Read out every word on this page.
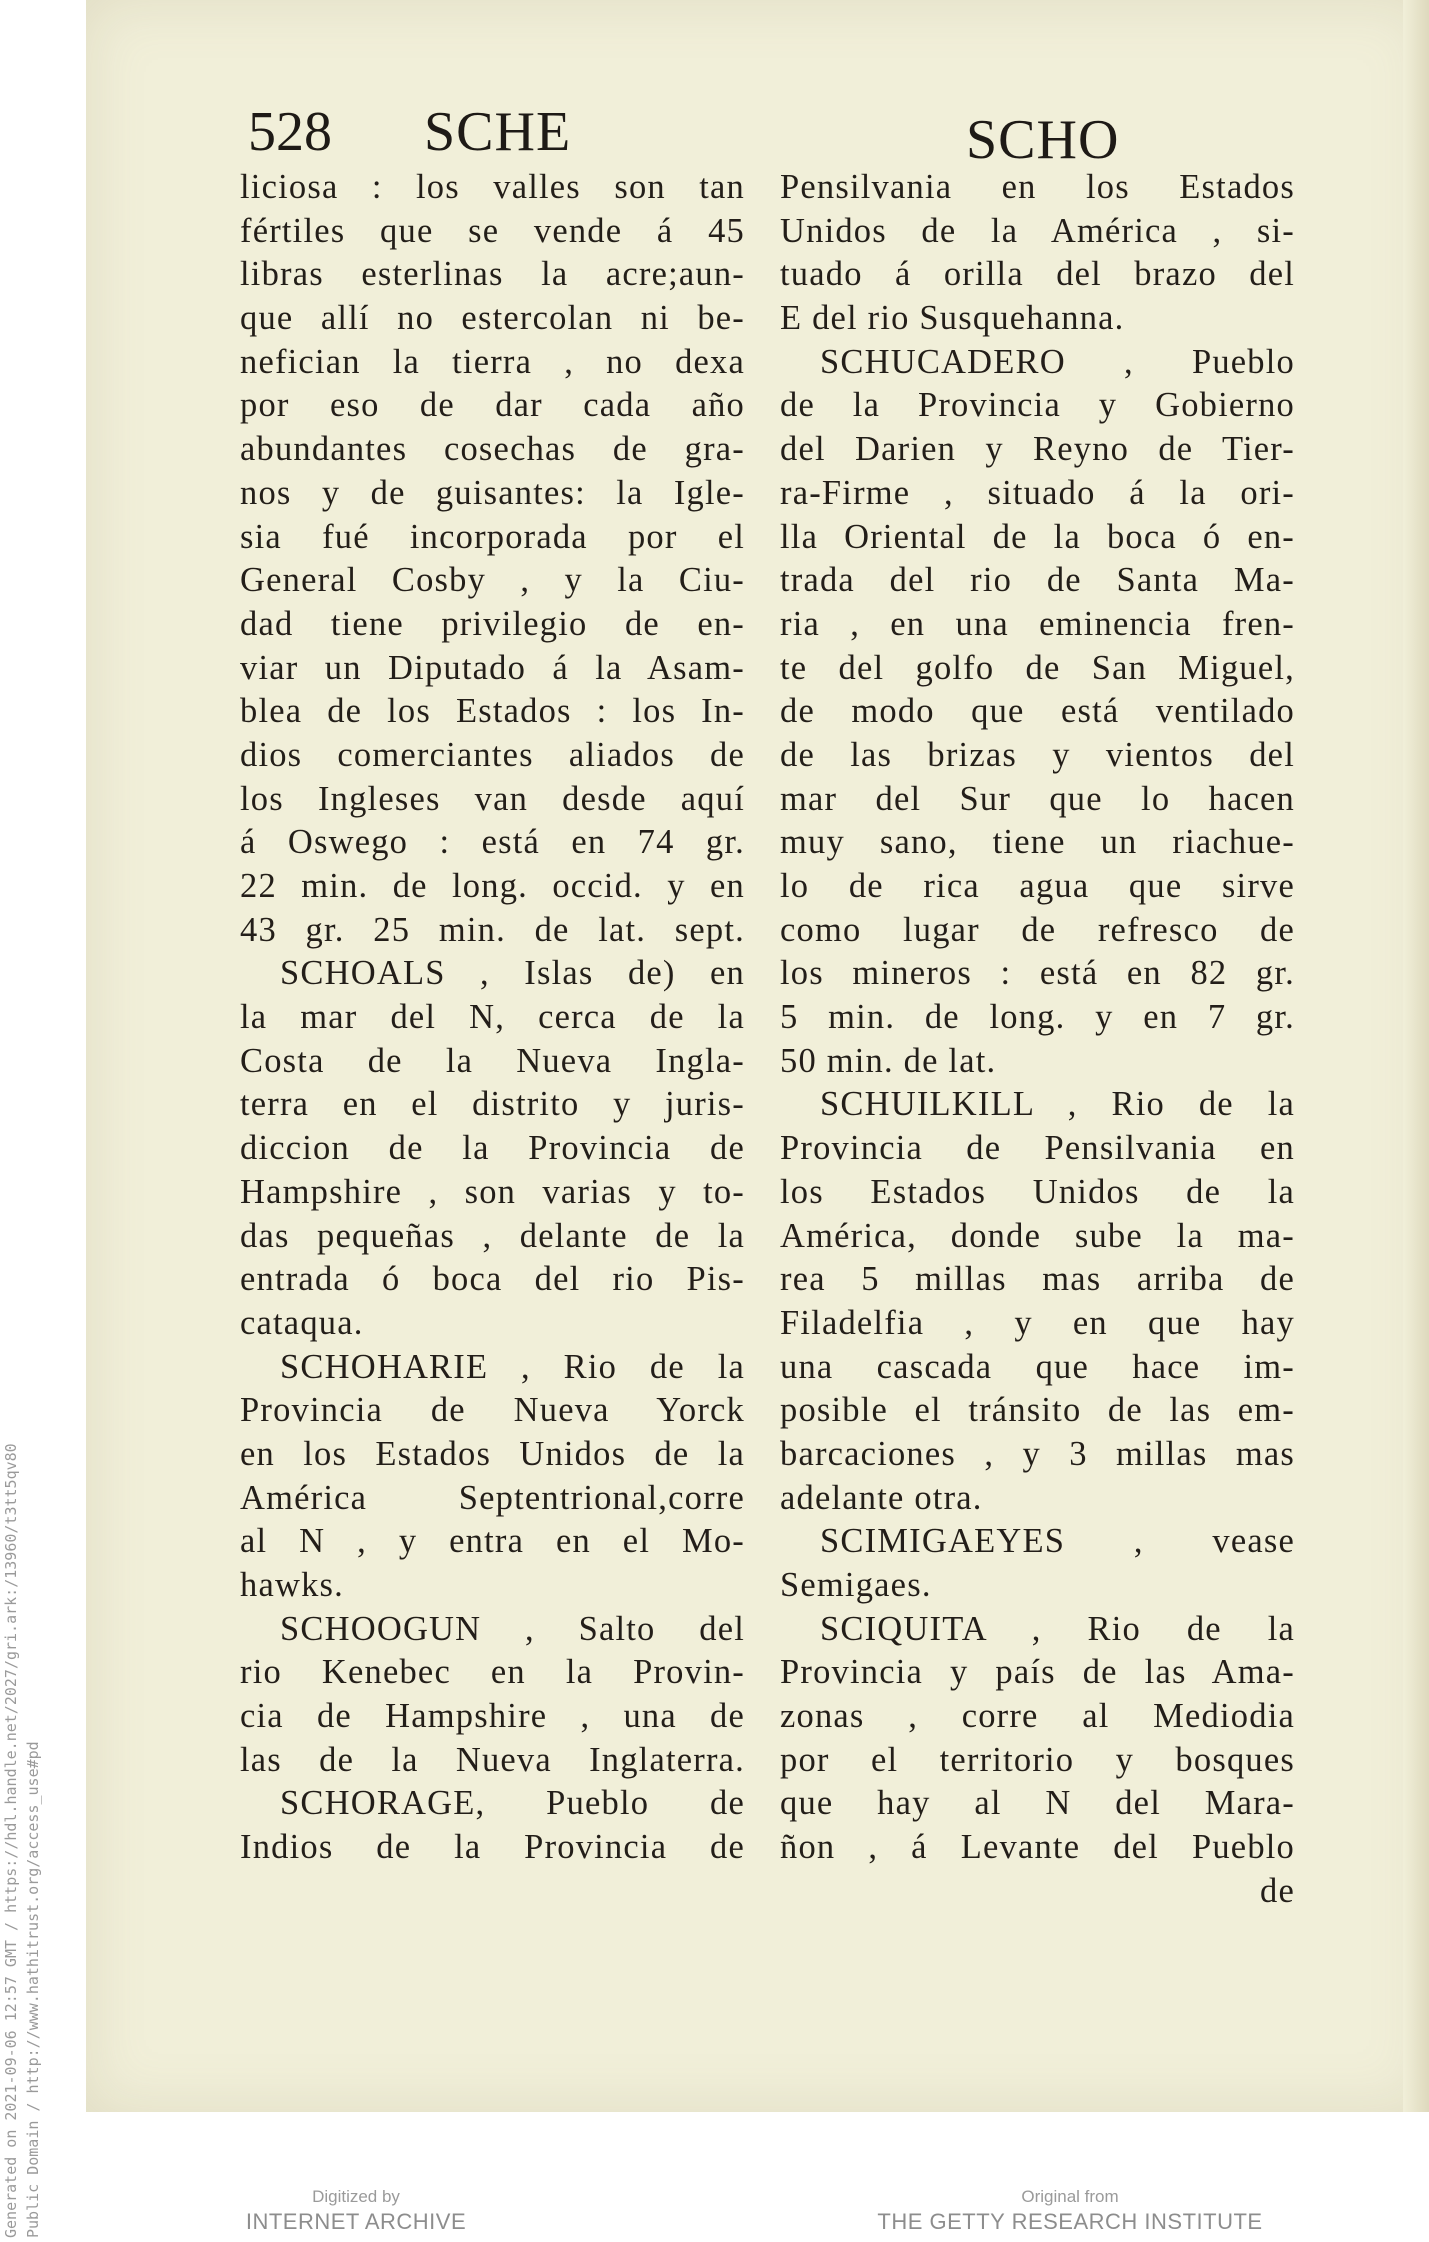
Generated on 2021-09-06 12:57 GMT / https://hdl.handle.net/2027/gri.ark:/13960/t3tt5qv80 Public Domain / http://www.hathitrust.org/access_use#pd
528 SCHE	SCHO
liciosa : los valles son tan
fértiles que se vende á 45
libras esterlinas la acre;aun-
que allí no estercolan ni be-
nefician la tierra , no dexa
por eso de dar cada año
abundantes cosechas de gra-
nos y de guisantes: la Igle-
sia fué incorporada por el
General Cosby , y la Ciu-
dad tiene privilegio de en-
viar un Diputado á la Asam-
blea de los Estados : los In-
dios comerciantes aliados de
los Ingleses van desde aquí
á Oswego : está en 74 gr.
22 min. de long. occid. y en
43 gr. 25 min. de lat. sept.
SCHOALS , Islas de) en
la mar del N, cerca de la
Costa de la Nueva Ingla-
terra en el distrito y juris-
diccion de la Provincia de
Hampshire , son varias y to-
das pequeñas , delante de la
entrada ó boca del rio Pis-
cataqua.
SCHOHARIE , Rio de la
Provincia de Nueva Yorck
en los Estados Unidos de la
América Septentrional,corre
al N , y entra en el Mo-
hawks.
SCHOOGUN , Salto del
rio Kenebec en la Provin-
cia de Hampshire , una de
las de la Nueva Inglaterra.
SCHORAGE, Pueblo de
Indios de la Provincia de
Pensilvania en los Estados
Unidos de la América , si-
tuado á orilla del brazo del
E del rio Susquehanna.
SCHUCADERO , Pueblo
de la Provincia y Gobierno
del Darien y Reyno de Tier-
ra-Firme , situado á la ori-
lla Oriental de la boca ó en-
trada del rio de Santa Ma-
ria , en una eminencia fren-
te del golfo de San Miguel,
de modo que está ventilado
de las brizas y vientos del
mar del Sur que lo hacen
muy sano, tiene un riachue-
lo de rica agua que sirve
como lugar de refresco de
los mineros : está en 82 gr.
5 min. de long. y en 7 gr.
50 min. de lat.
SCHUILKILL , Rio de la
Provincia de Pensilvania en
los Estados Unidos de la
América, donde sube la ma-
rea 5 millas mas arriba de
Filadelfia , y en que hay
una cascada que hace im-
posible el tránsito de las em-
barcaciones , y 3 millas mas
adelante otra.
SCIMIGAEYES , vease
Semigaes.
SCIQUITA , Rio de la
Provincia y país de las Ama-
zonas , corre al Mediodia
por el territorio y bosques
que hay al N del Mara-
ñon , á Levante del Pueblo
de
Digitized by
INTERNET ARCHIVE
Original from
THE GETTY RESEARCH INSTITUTE
